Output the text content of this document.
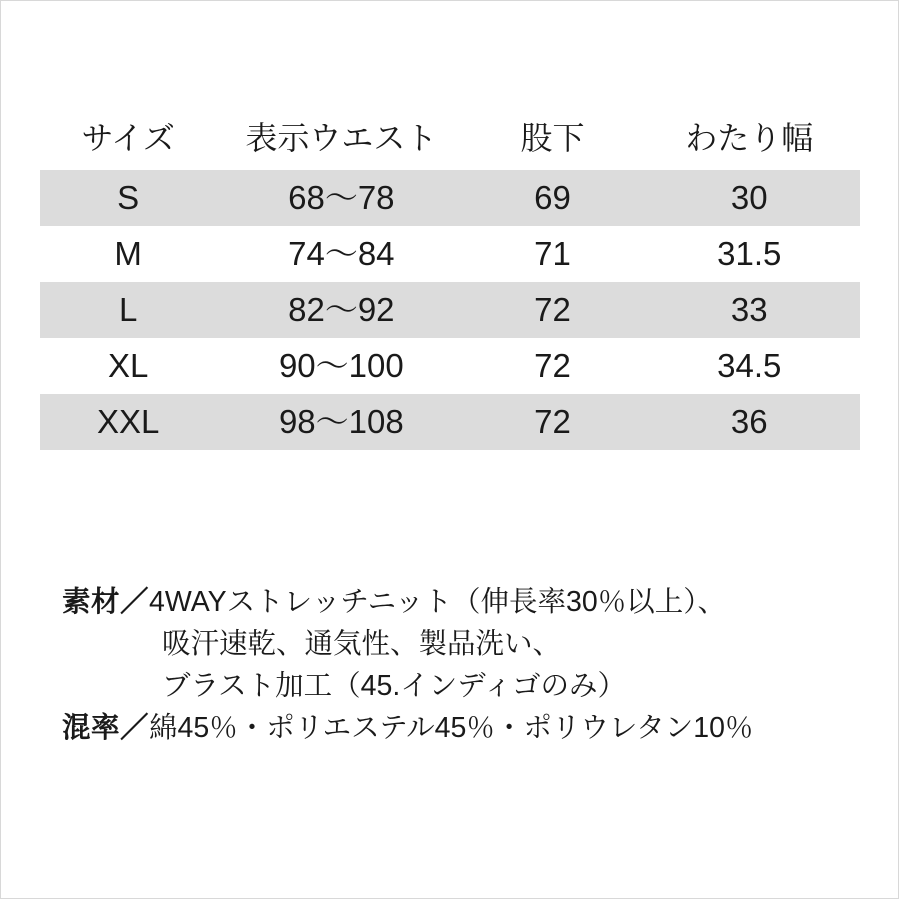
サイズ	表示ウエスト	股下	わたり幅
S	68〜78	69	30
M	74〜84	71	31.5
L	82〜92	72	33
XL	90〜100	72	34.5
XXL	98〜108	72	36
素材／4WAYストレッチニット（伸長率30％以上）、
吸汗速乾、通気性、製品洗い、
ブラスト加工（45.インディゴのみ）
混率／綿45％・ポリエステル45％・ポリウレタン10％
